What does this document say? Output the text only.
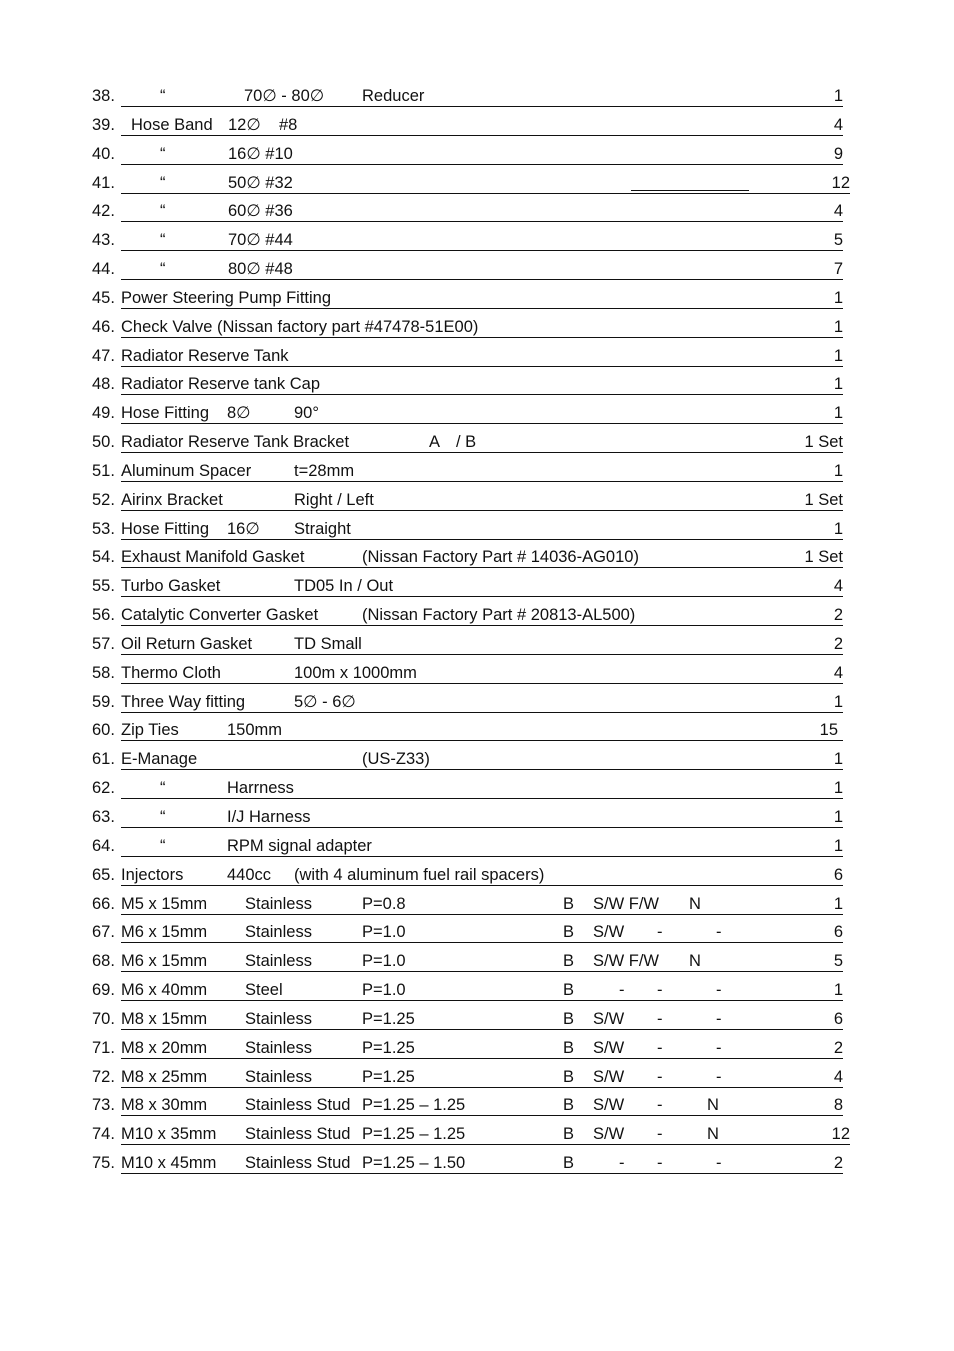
38.	“	70∅ - 80∅ Reducer	1
39. Hose Band 12∅ #8	4
40.	“	16∅ #10	9
41.	“	50∅ #32	12
42.	“	60∅ #36	4
43.	“	70∅ #44	5
44.	“	80∅ #48	7
45. Power Steering Pump Fitting	1
46. Check Valve (Nissan factory part #47478-51E00)	1
47. Radiator Reserve Tank	1
48. Radiator Reserve tank Cap	1
49. Hose Fitting 8∅	90°	1
50. Radiator Reserve Tank Bracket	A / B	1 Set
51. Aluminum Spacer	t=28mm	1
52. Airinx Bracket	Right / Left	1 Set
53. Hose Fitting 16∅ Straight	1
54. Exhaust Manifold Gasket	(Nissan Factory Part # 14036-AG010)	1 Set
55. Turbo Gasket	TD05 In / Out	4
56. Catalytic Converter Gasket	(Nissan Factory Part # 20813-AL500)	2
57. Oil Return Gasket	TD Small	2
58. Thermo Cloth	100m x 1000mm	4
59. Three Way fitting	5∅ - 6∅	1
60. Zip Ties	150mm	15
61. E-Manage	(US-Z33)	1
62.	“	Harrness	1
63.	“	I/J Harness	1
64.	“	RPM signal adapter	1
65. Injectors	440cc (with 4 aluminum fuel rail spacers)	6
66. M5 x 15mm Stainless	P=0.8	B S/W F/W N	1
67. M6 x 15mm Stainless	P=1.0	B S/W -	-	6
68. M6 x 15mm Stainless	P=1.0	B S/W F/W N	5
69. M6 x 40mm Steel	P=1.0	B	- -	-	1
70. M8 x 15mm Stainless	P=1.25	B S/W -	-	6
71. M8 x 20mm Stainless	P=1.25	B S/W -	-	2
72. M8 x 25mm Stainless	P=1.25	B S/W -	-	4
73. M8 x 30mm Stainless Stud P=1.25 – 1.25	B S/W -	N	8
74. M10 x 35mm Stainless Stud P=1.25 – 1.25	B S/W -	N	12
75. M10 x 45mm Stainless Stud P=1.25 – 1.50	B	- -	-	2
